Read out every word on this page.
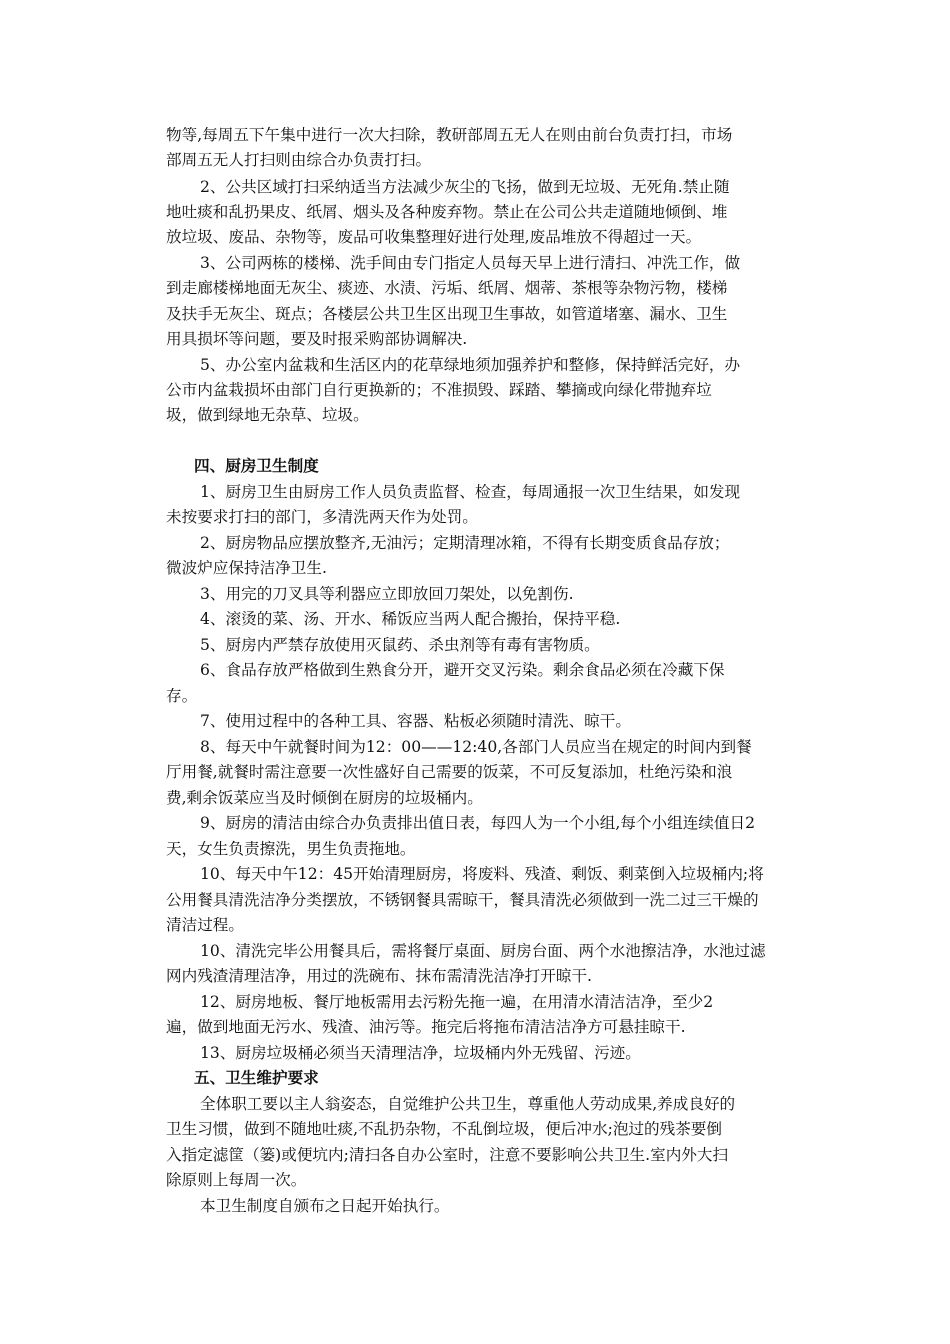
物等,每周五下午集中进行一次大扫除，教研部周五无人在则由前台负责打扫，市场
部周五无人打扫则由综合办负责打扫。
2、公共区域打扫采纳适当方法减少灰尘的飞扬，做到无垃圾、无死角.禁止随
地吐痰和乱扔果皮、纸屑、烟头及各种废弃物。禁止在公司公共走道随地倾倒、堆
放垃圾、废品、杂物等，废品可收集整理好进行处理,废品堆放不得超过一天。
3、公司两栋的楼梯、洗手间由专门指定人员每天早上进行清扫、冲洗工作，做
到走廊楼梯地面无灰尘、痰迹、水渍、污垢、纸屑、烟蒂、茶根等杂物污物，楼梯
及扶手无灰尘、斑点；各楼层公共卫生区出现卫生事故，如管道堵塞、漏水、卫生
用具损坏等问题，要及时报采购部协调解决.
5、办公室内盆栽和生活区内的花草绿地须加强养护和整修，保持鲜活完好，办
公市内盆栽损坏由部门自行更换新的；不准损毁、踩踏、攀摘或向绿化带抛弃垃
圾，做到绿地无杂草、垃圾。
四、厨房卫生制度
1、厨房卫生由厨房工作人员负责监督、检查，每周通报一次卫生结果，如发现
未按要求打扫的部门，多清洗两天作为处罚。
2、厨房物品应摆放整齐,无油污；定期清理冰箱，不得有长期变质食品存放；
微波炉应保持洁净卫生.
3、用完的刀叉具等利器应立即放回刀架处，以免割伤.
4、滚烫的菜、汤、开水、稀饭应当两人配合搬抬，保持平稳.
5、厨房内严禁存放使用灭鼠药、杀虫剂等有毒有害物质。
6、食品存放严格做到生熟食分开，避开交叉污染。剩余食品必须在冷藏下保
存。
7、使用过程中的各种工具、容器、粘板必须随时清洗、晾干。
8、每天中午就餐时间为12：00——12:40,各部门人员应当在规定的时间内到餐
厅用餐,就餐时需注意要一次性盛好自己需要的饭菜，不可反复添加，杜绝污染和浪
费,剩余饭菜应当及时倾倒在厨房的垃圾桶内。
9、厨房的清洁由综合办负责排出值日表，每四人为一个小组,每个小组连续值日2
天，女生负责擦洗，男生负责拖地。
10、每天中午12：45开始清理厨房，将废料、残渣、剩饭、剩菜倒入垃圾桶内;将
公用餐具清洗洁净分类摆放，不锈钢餐具需晾干，餐具清洗必须做到一洗二过三干燥的
清洁过程。
10、清洗完毕公用餐具后，需将餐厅桌面、厨房台面、两个水池擦洁净，水池过滤
网内残渣清理洁净，用过的洗碗布、抹布需清洗洁净打开晾干.
12、厨房地板、餐厅地板需用去污粉先拖一遍，在用清水清洁洁净，至少2
遍，做到地面无污水、残渣、油污等。拖完后将拖布清洁洁净方可悬挂晾干.
13、厨房垃圾桶必须当天清理洁净，垃圾桶内外无残留、污迹。
五、卫生维护要求
全体职工要以主人翁姿态，自觉维护公共卫生，尊重他人劳动成果,养成良好的
卫生习惯，做到不随地吐痰,不乱扔杂物，不乱倒垃圾，便后冲水;泡过的残茶要倒
入指定滤筐（篓)或便坑内;清扫各自办公室时，注意不要影响公共卫生.室内外大扫
除原则上每周一次。
本卫生制度自颁布之日起开始执行。
